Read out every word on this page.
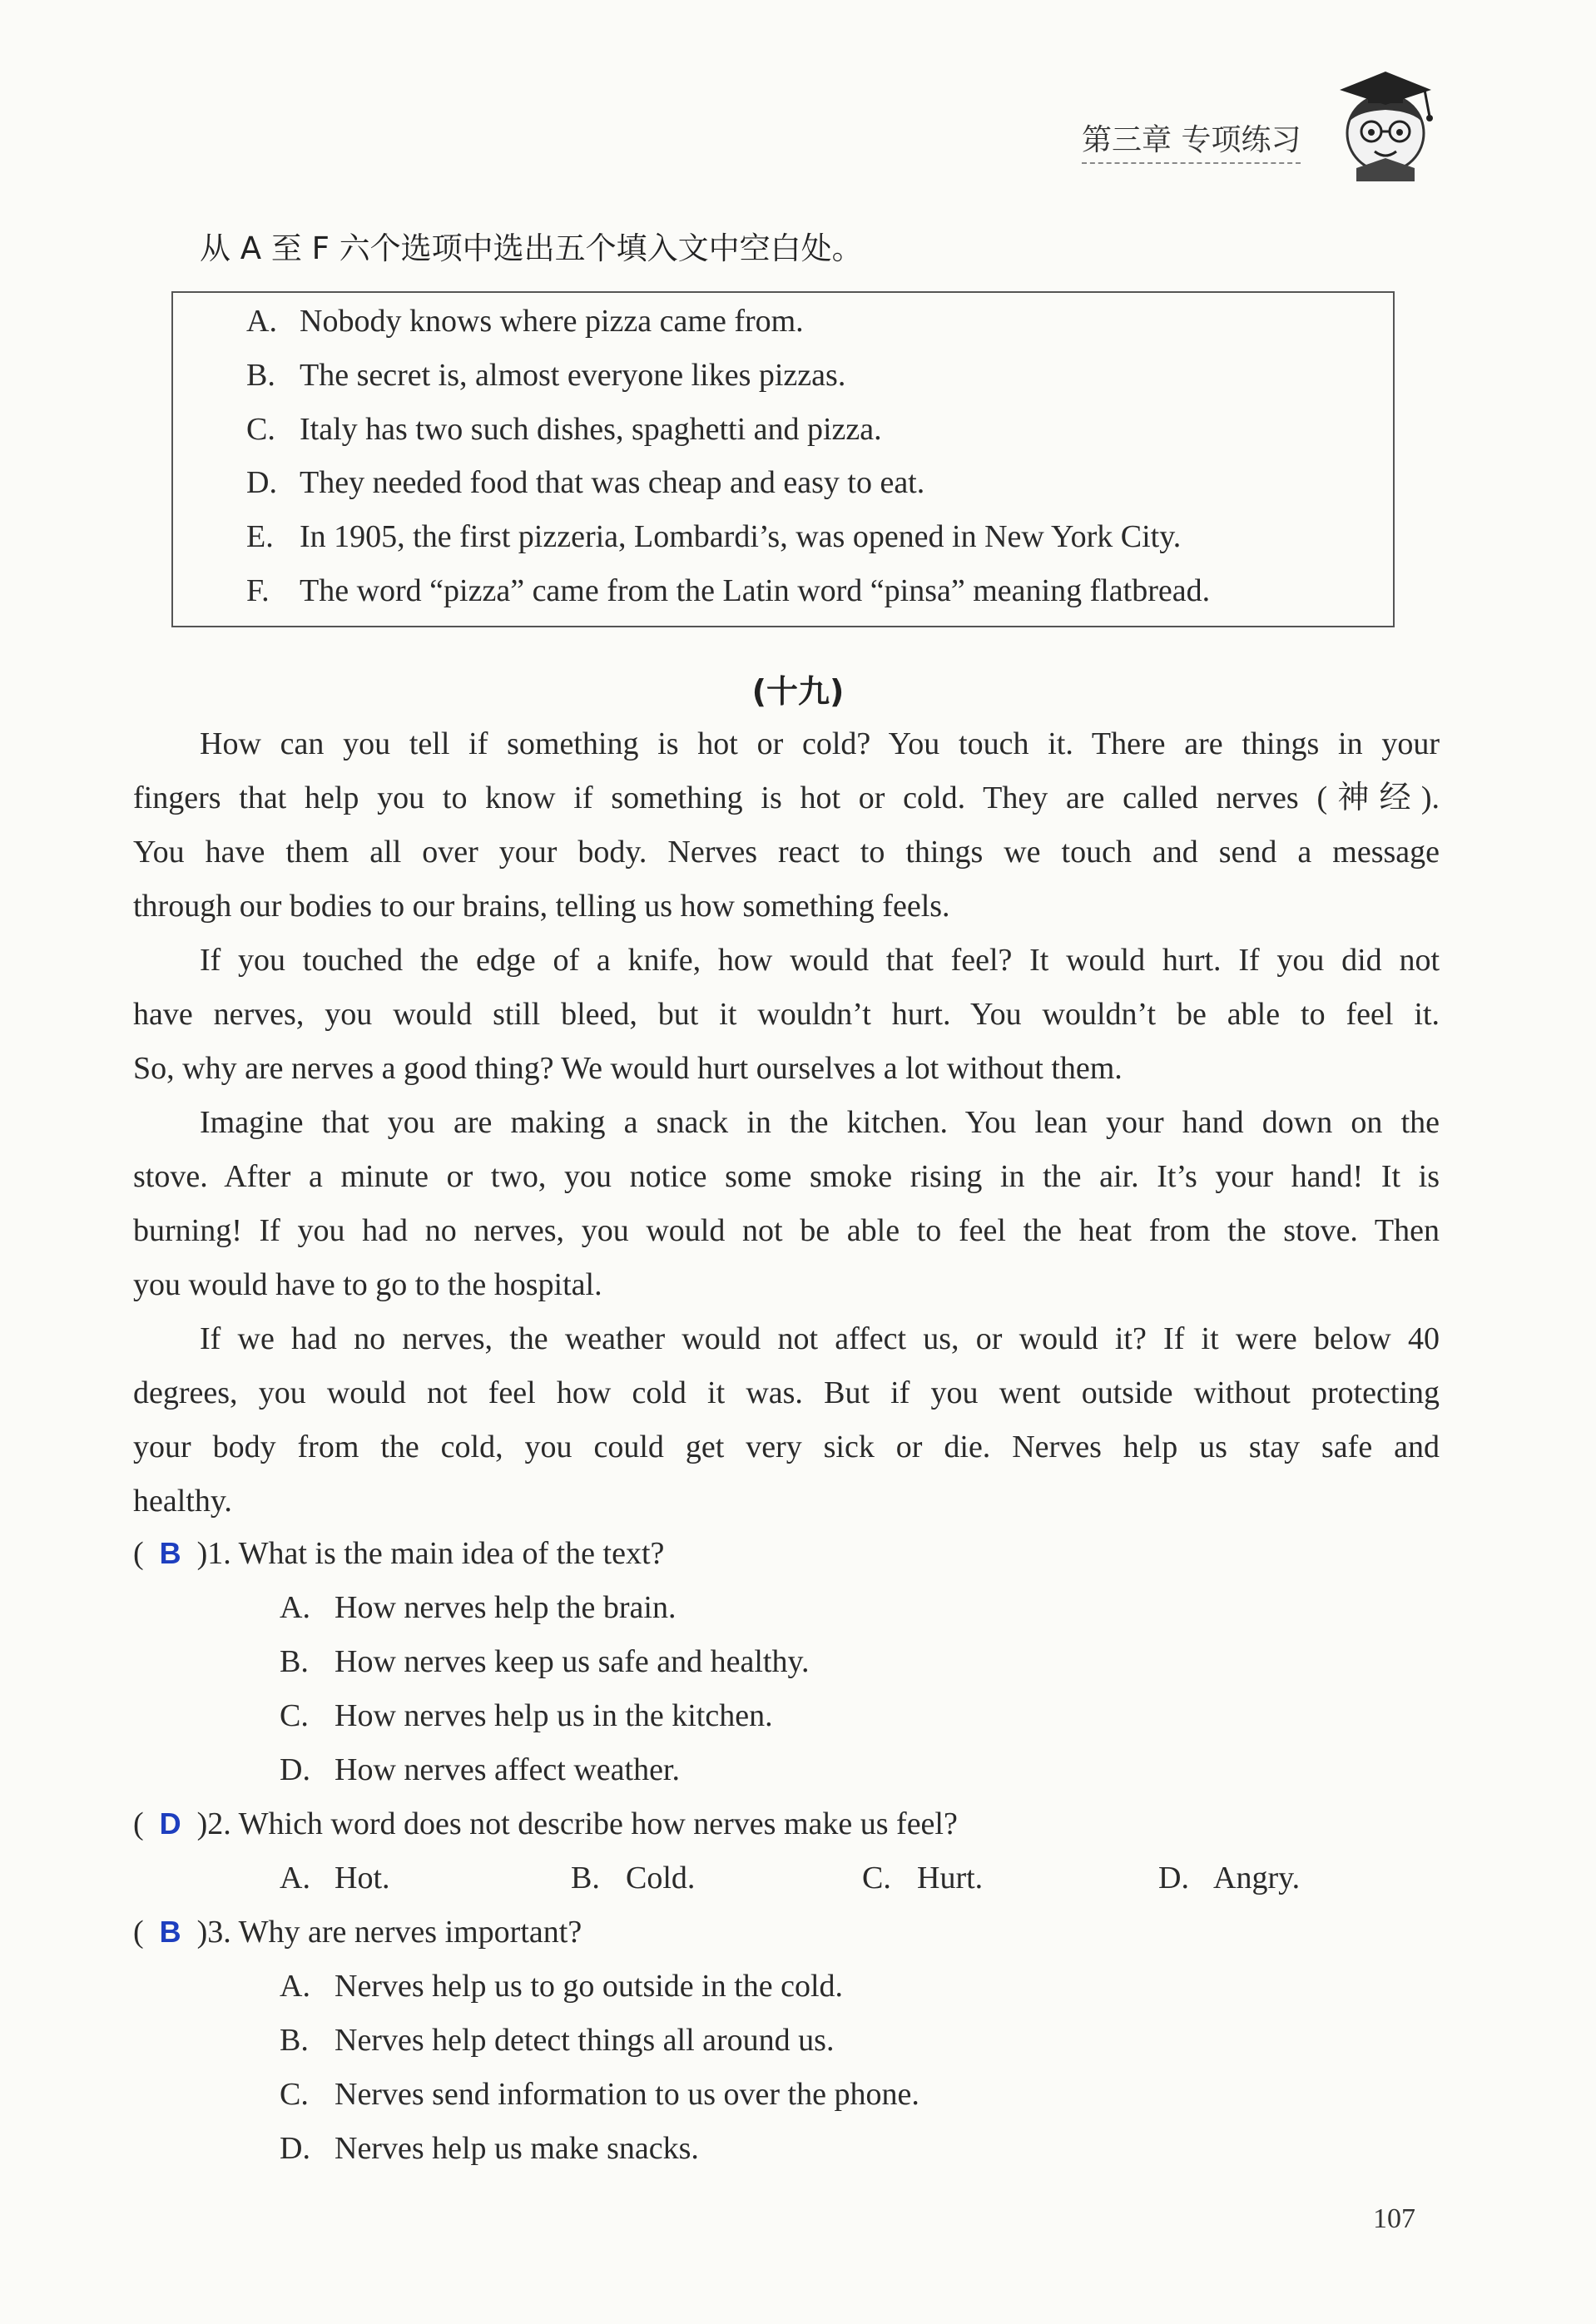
第三章 专项练习
从 A 至 F 六个选项中选出五个填入文中空白处。
A. Nobody knows where pizza came from.
B. The secret is, almost everyone likes pizzas.
C. Italy has two such dishes, spaghetti and pizza.
D. They needed food that was cheap and easy to eat.
E. In 1905, the first pizzeria, Lombardi’s, was opened in New York City.
F. The word “pizza” came from the Latin word “pinsa” meaning flatbread.
(十九)
How can you tell if something is hot or cold? You touch it. There are things in your
fingers that help you to know if something is hot or cold. They are called nerves (神经).
You have them all over your body. Nerves react to things we touch and send a message
through our bodies to our brains, telling us how something feels.
If you touched the edge of a knife, how would that feel? It would hurt. If you did not
have nerves, you would still bleed, but it wouldn’t hurt. You wouldn’t be able to feel it.
So, why are nerves a good thing? We would hurt ourselves a lot without them.
Imagine that you are making a snack in the kitchen. You lean your hand down on the
stove. After a minute or two, you notice some smoke rising in the air. It’s your hand! It is
burning! If you had no nerves, you would not be able to feel the heat from the stove. Then
you would have to go to the hospital.
If we had no nerves, the weather would not affect us, or would it? If it were below 40
degrees, you would not feel how cold it was. But if you went outside without protecting
your body from the cold, you could get very sick or die. Nerves help us stay safe and
healthy.
( B )1. What is the main idea of the text?
A. How nerves help the brain.
B. How nerves keep us safe and healthy.
C. How nerves help us in the kitchen.
D. How nerves affect weather.
( D )2. Which word does not describe how nerves make us feel?
A. Hot.	B. Cold.	C. Hurt.	D. Angry.
( B )3. Why are nerves important?
A. Nerves help us to go outside in the cold.
B. Nerves help detect things all around us.
C. Nerves send information to us over the phone.
D. Nerves help us make snacks.
107
